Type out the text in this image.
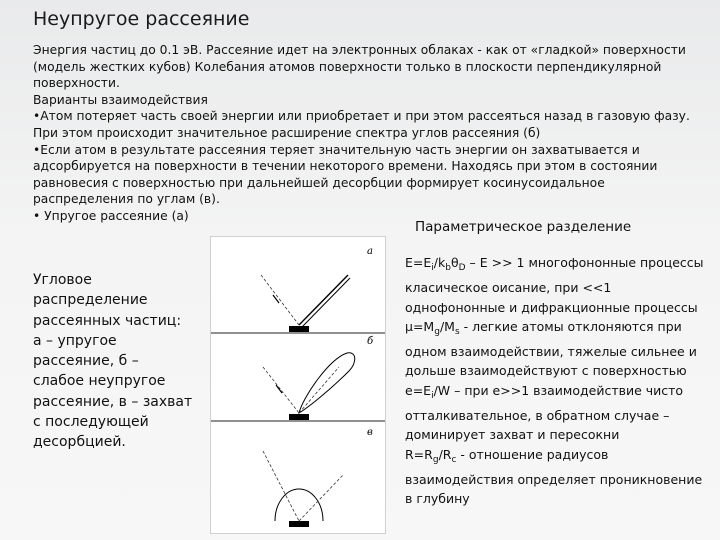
Неупругое рассеяние

Энергия частиц до 0.1 эВ. Рассеяние идет на электронных облаках - как от «гладкой» поверхности (модель жестких кубов) Колебания атомов поверхности только в плоскости перпендикулярной поверхности.

Варианты взаимодействия

•Атом потеряет часть своей энергии или приобретает и при этом рассеяться назад в газовую фазу. При этом происходит значительное расширение спектра углов рассеяния (б)

•Если атом в результате рассеяния теряет значительную часть энергии он захватывается и адсорбируется на поверхности в течении некоторого времени. Находясь при этом в состоянии равновесия с поверхностью при дальнейшей десорбции формирует косинусоидальное распределения по углам (в).

• Упругое рассеяние (а)

Параметрическое разделение
Угловое распределение рассеянных частиц: а – упругое рассеяние, б – слабое неупругое рассеяние, в – захват с последующей десорбцией.
а
б
в

$E=E_i/k_b\theta_D - E >> 1$ многофононные процессы класическое оисание, при <<1 однофононные и дифракционные процессы

$\mu=M_g/M_s$ - легкие атомы отклоняются при одном взаимодействии, тяжелые сильнее и дольше взаимодействуют с поверхностью

$e=E_i/W$ – при e>>1 взаимодействие чисто отталкивательное, в обратном случае – доминирует захват и пересокни

$R=R_g/R_c$ - отношение радиусов взаимодействия определяет проникновение в глубину
